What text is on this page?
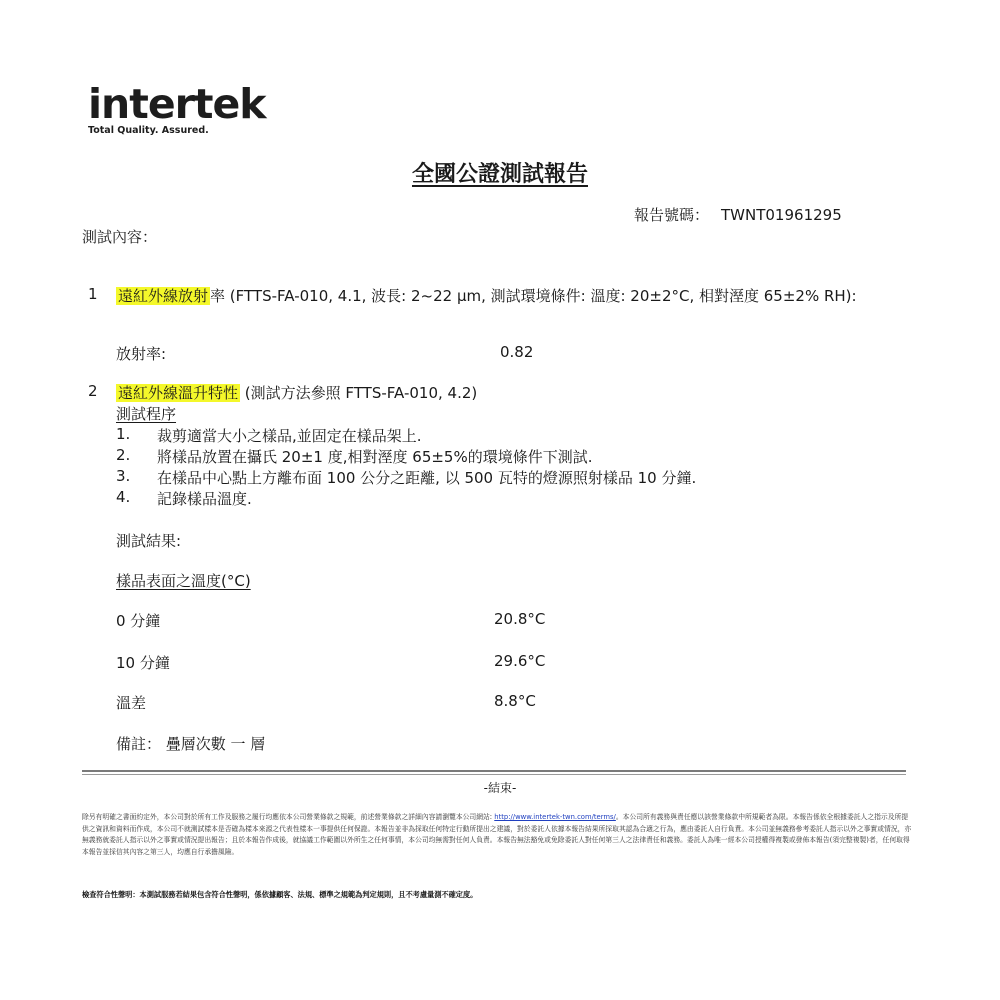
intertek
Total Quality. Assured.
全國公證測試報告
報告號碼： TWNT01961295
測試內容：
1 遠紅外線放射 率 (FTTS-FA-010, 4.1, 波長: 2~22 μm, 測試環境條件: 溫度: 20±2°C, 相對溼度 65±2% RH):
放射率:	0.82
2 遠紅外線溫升特性 (測試方法參照 FTTS-FA-010, 4.2)
測試程序
1. 裁剪適當大小之樣品,並固定在樣品架上.
2. 將樣品放置在攝氏 20±1 度,相對溼度 65±5%的環境條件下測試.
3. 在樣品中心點上方離布面 100 公分之距離, 以 500 瓦特的燈源照射樣品 10 分鐘.
4. 記錄樣品溫度.
測試結果:
樣品表面之溫度(°C)
0 分鐘	20.8°C
10 分鐘	29.6°C
溫差	8.8°C
備註： 疊層次數 一 層
-結束-
除另有明確之書面約定外，本公司對於所有工作及服務之履行均應依本公司營業條款之規範，前述營業條款之詳細內容請瀏覽本公司網站: http://www.intertek-twn.com/terms/。本公司所有義務與責任應以該營業條款中所規範者為限。本報告係依全根據委託人之指示及所提供之資訊和資料而作成，本公司不就測試樣本是否確為樣本來源之代表性樣本一事提供任何保證。本報告並非為採取任何特定行動所提出之建議，對於委託人依據本報告結果所採取其認為合適之行為，應由委託人自行負責。本公司並無義務參考委託人指示以外之事實或情況，亦無義務就委託人指示以外之事實或情況提出報告；且於本報告作成後，就協議工作範圍以外所生之任何事情，本公司均無需對任何人負責。本報告無法豁免或免除委託人對任何第三人之法律責任和義務。委託人為唯一經本公司授權得複製或發佈本報告(須完整複製)者，任何取得本報告並採信其內容之第三人，均應自行承擔風險。
檢查符合性聲明：本測試服務若結果包含符合性聲明，係依據顧客、法規、標準之規範為判定規則，且不考慮量測不確定度。
